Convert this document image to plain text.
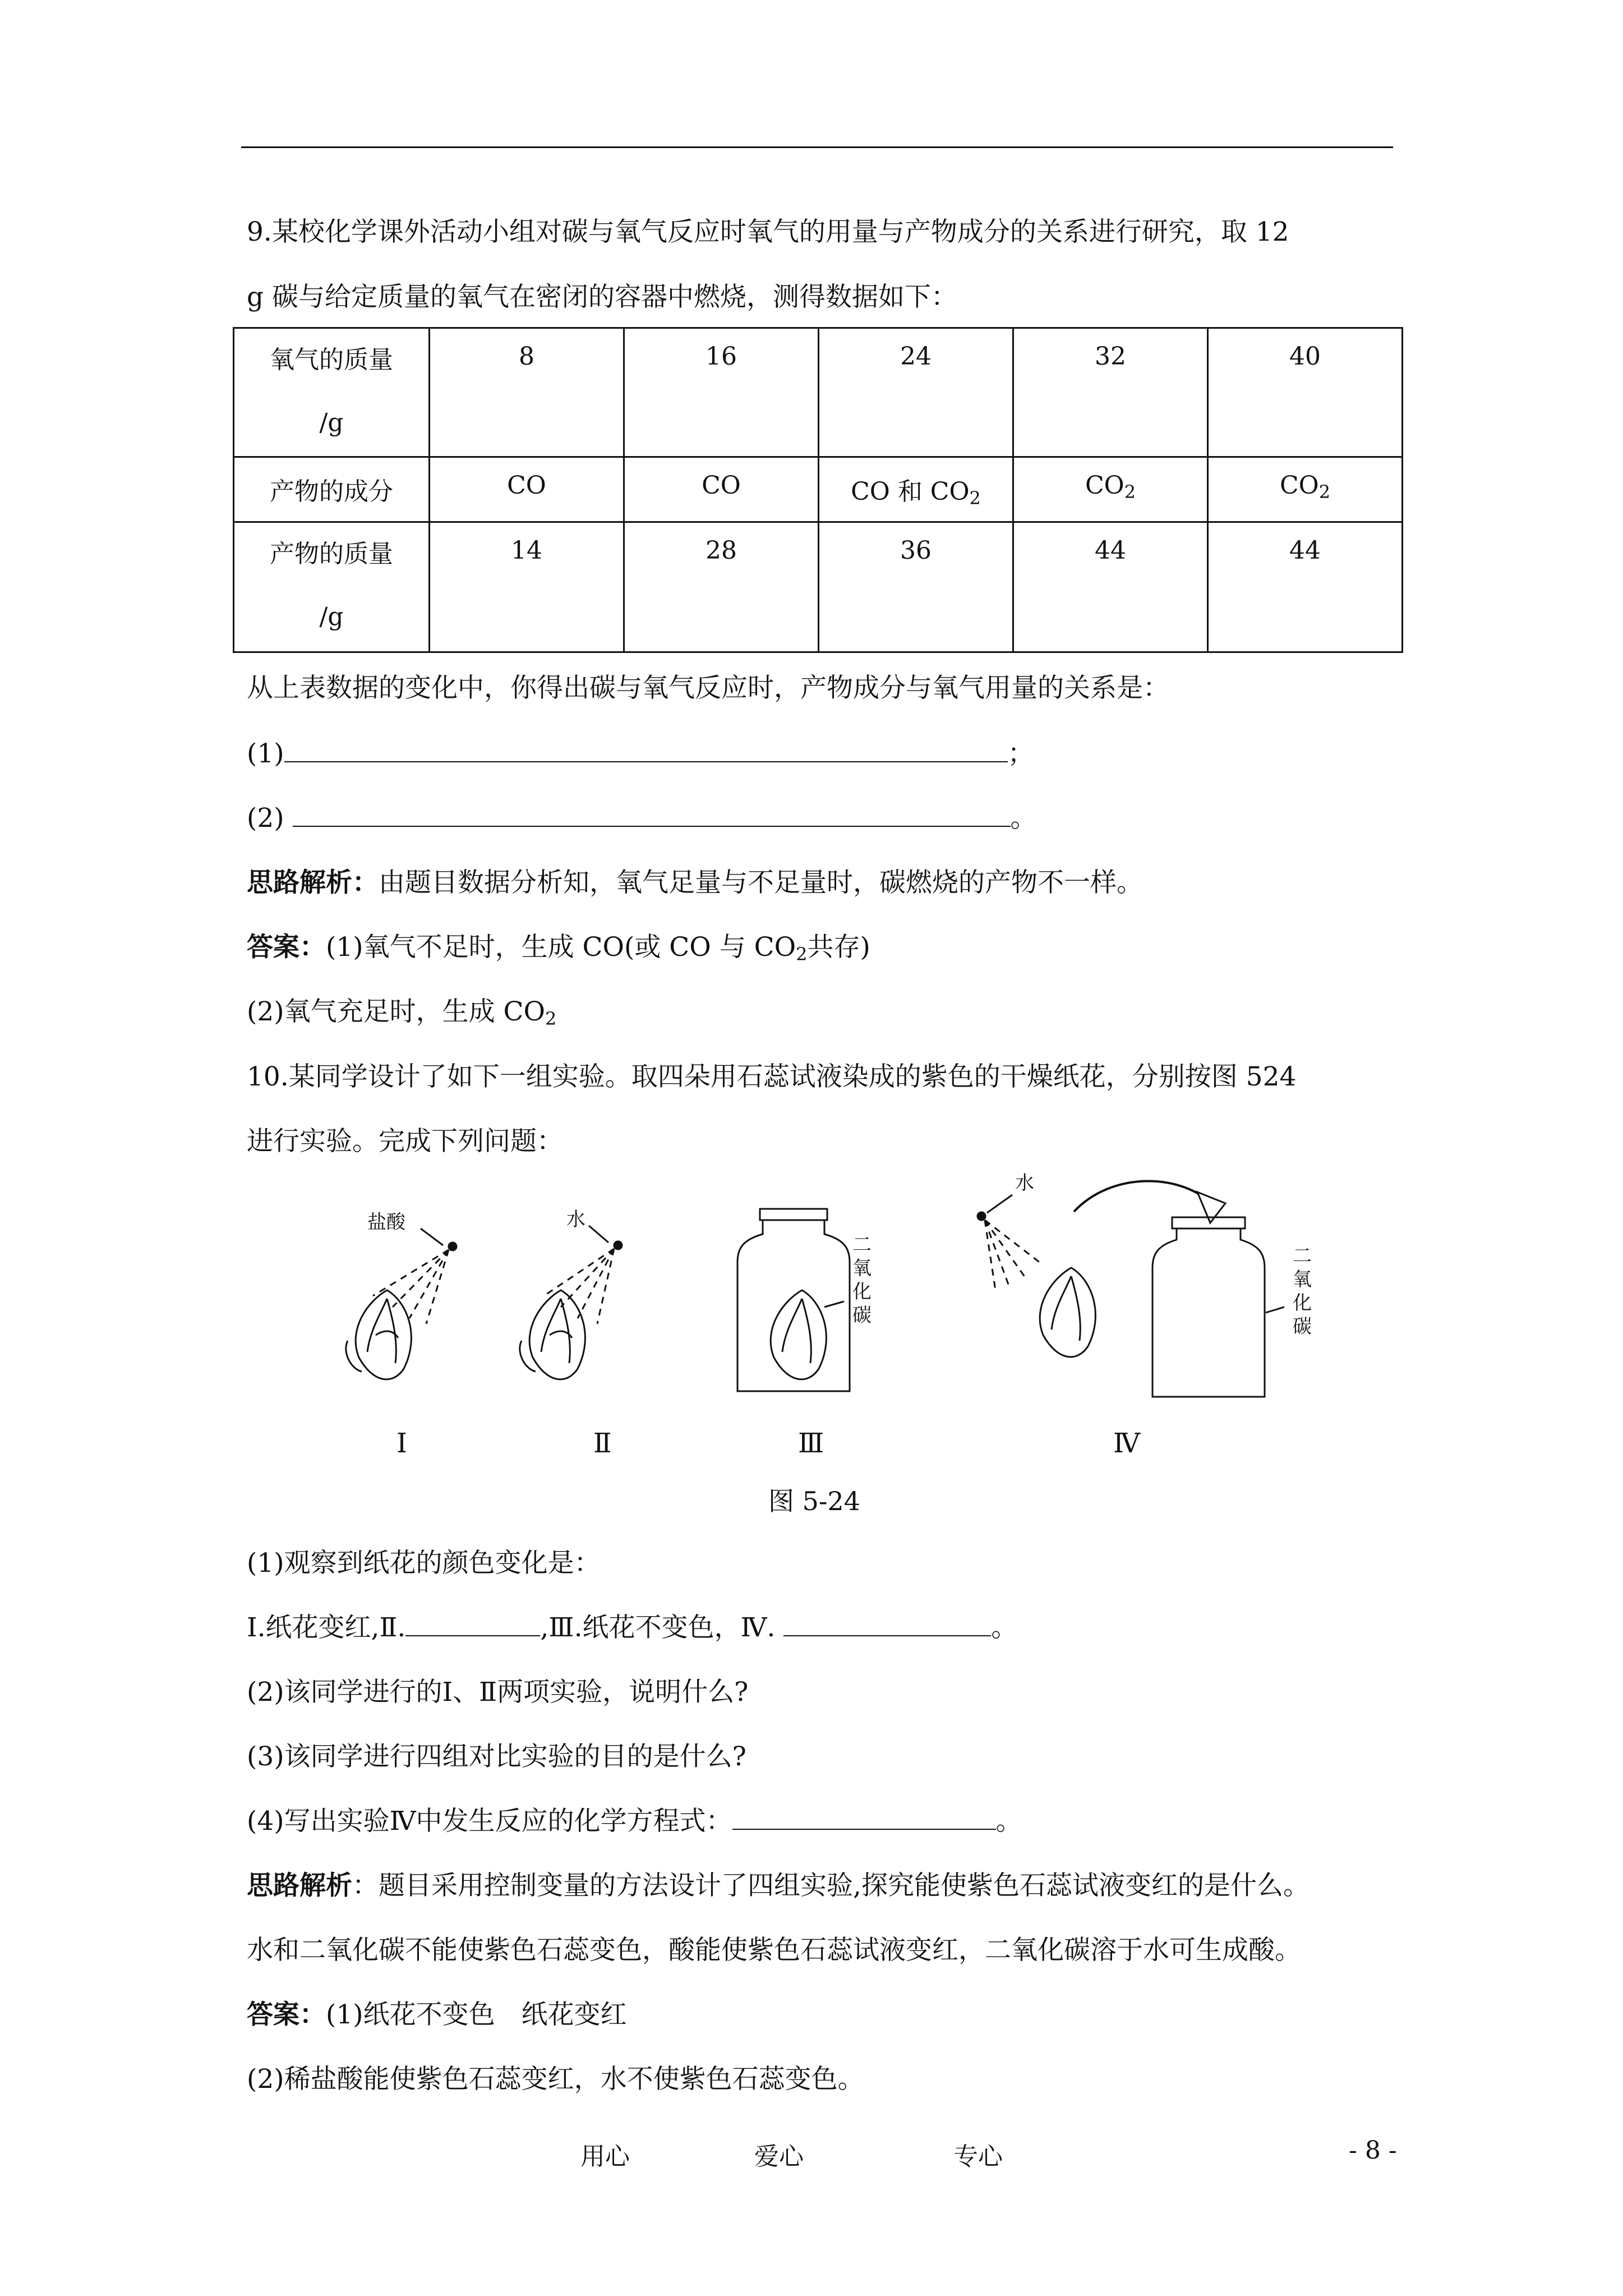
9.某校化学课外活动小组对碳与氧气反应时氧气的用量与产物成分的关系进行研究，取 12
g 碳与给定质量的氧气在密闭的容器中燃烧，测得数据如下：
氧气的质量
/g	8	16	24	32	40
产物的成分	CO	CO	CO 和 $CO_2$	$CO_2$	$CO_2$

产物的质量
/g	14	28	36	44	44
从上表数据的变化中，你得出碳与氧气反应时，产物成分与氧气用量的关系是：
(1)	；
(2)	。
思路解析：由题目数据分析知，氧气足量与不足量时，碳燃烧的产物不一样。
答案：(1)氧气不足时，生成 CO(或 CO 与 $CO_2$共存)
(2)氧气充足时，生成 $CO_2$
10.某同学设计了如下一组实验。取四朵用石蕊试液染成的紫色的干燥纸花，分别按图 524
进行实验。完成下列问题：
盐酸	水
二
氧
化
碳
水
二
氧
化
碳
Ⅰ	Ⅱ	Ⅲ	Ⅳ
图 5-24
(1)观察到纸花的颜色变化是：
Ⅰ.纸花变红,Ⅱ.	,Ⅲ.纸花不变色，Ⅳ.	。
(2)该同学进行的Ⅰ、Ⅱ两项实验，说明什么?
(3)该同学进行四组对比实验的目的是什么?
(4)写出实验Ⅳ中发生反应的化学方程式：	。
思路解析：题目采用控制变量的方法设计了四组实验,探究能使紫色石蕊试液变红的是什么。
水和二氧化碳不能使紫色石蕊变色，酸能使紫色石蕊试液变红，二氧化碳溶于水可生成酸。
答案：(1)纸花不变色　纸花变红
(2)稀盐酸能使紫色石蕊变红，水不使紫色石蕊变色。
用心	爱心	专心	- 8 -
